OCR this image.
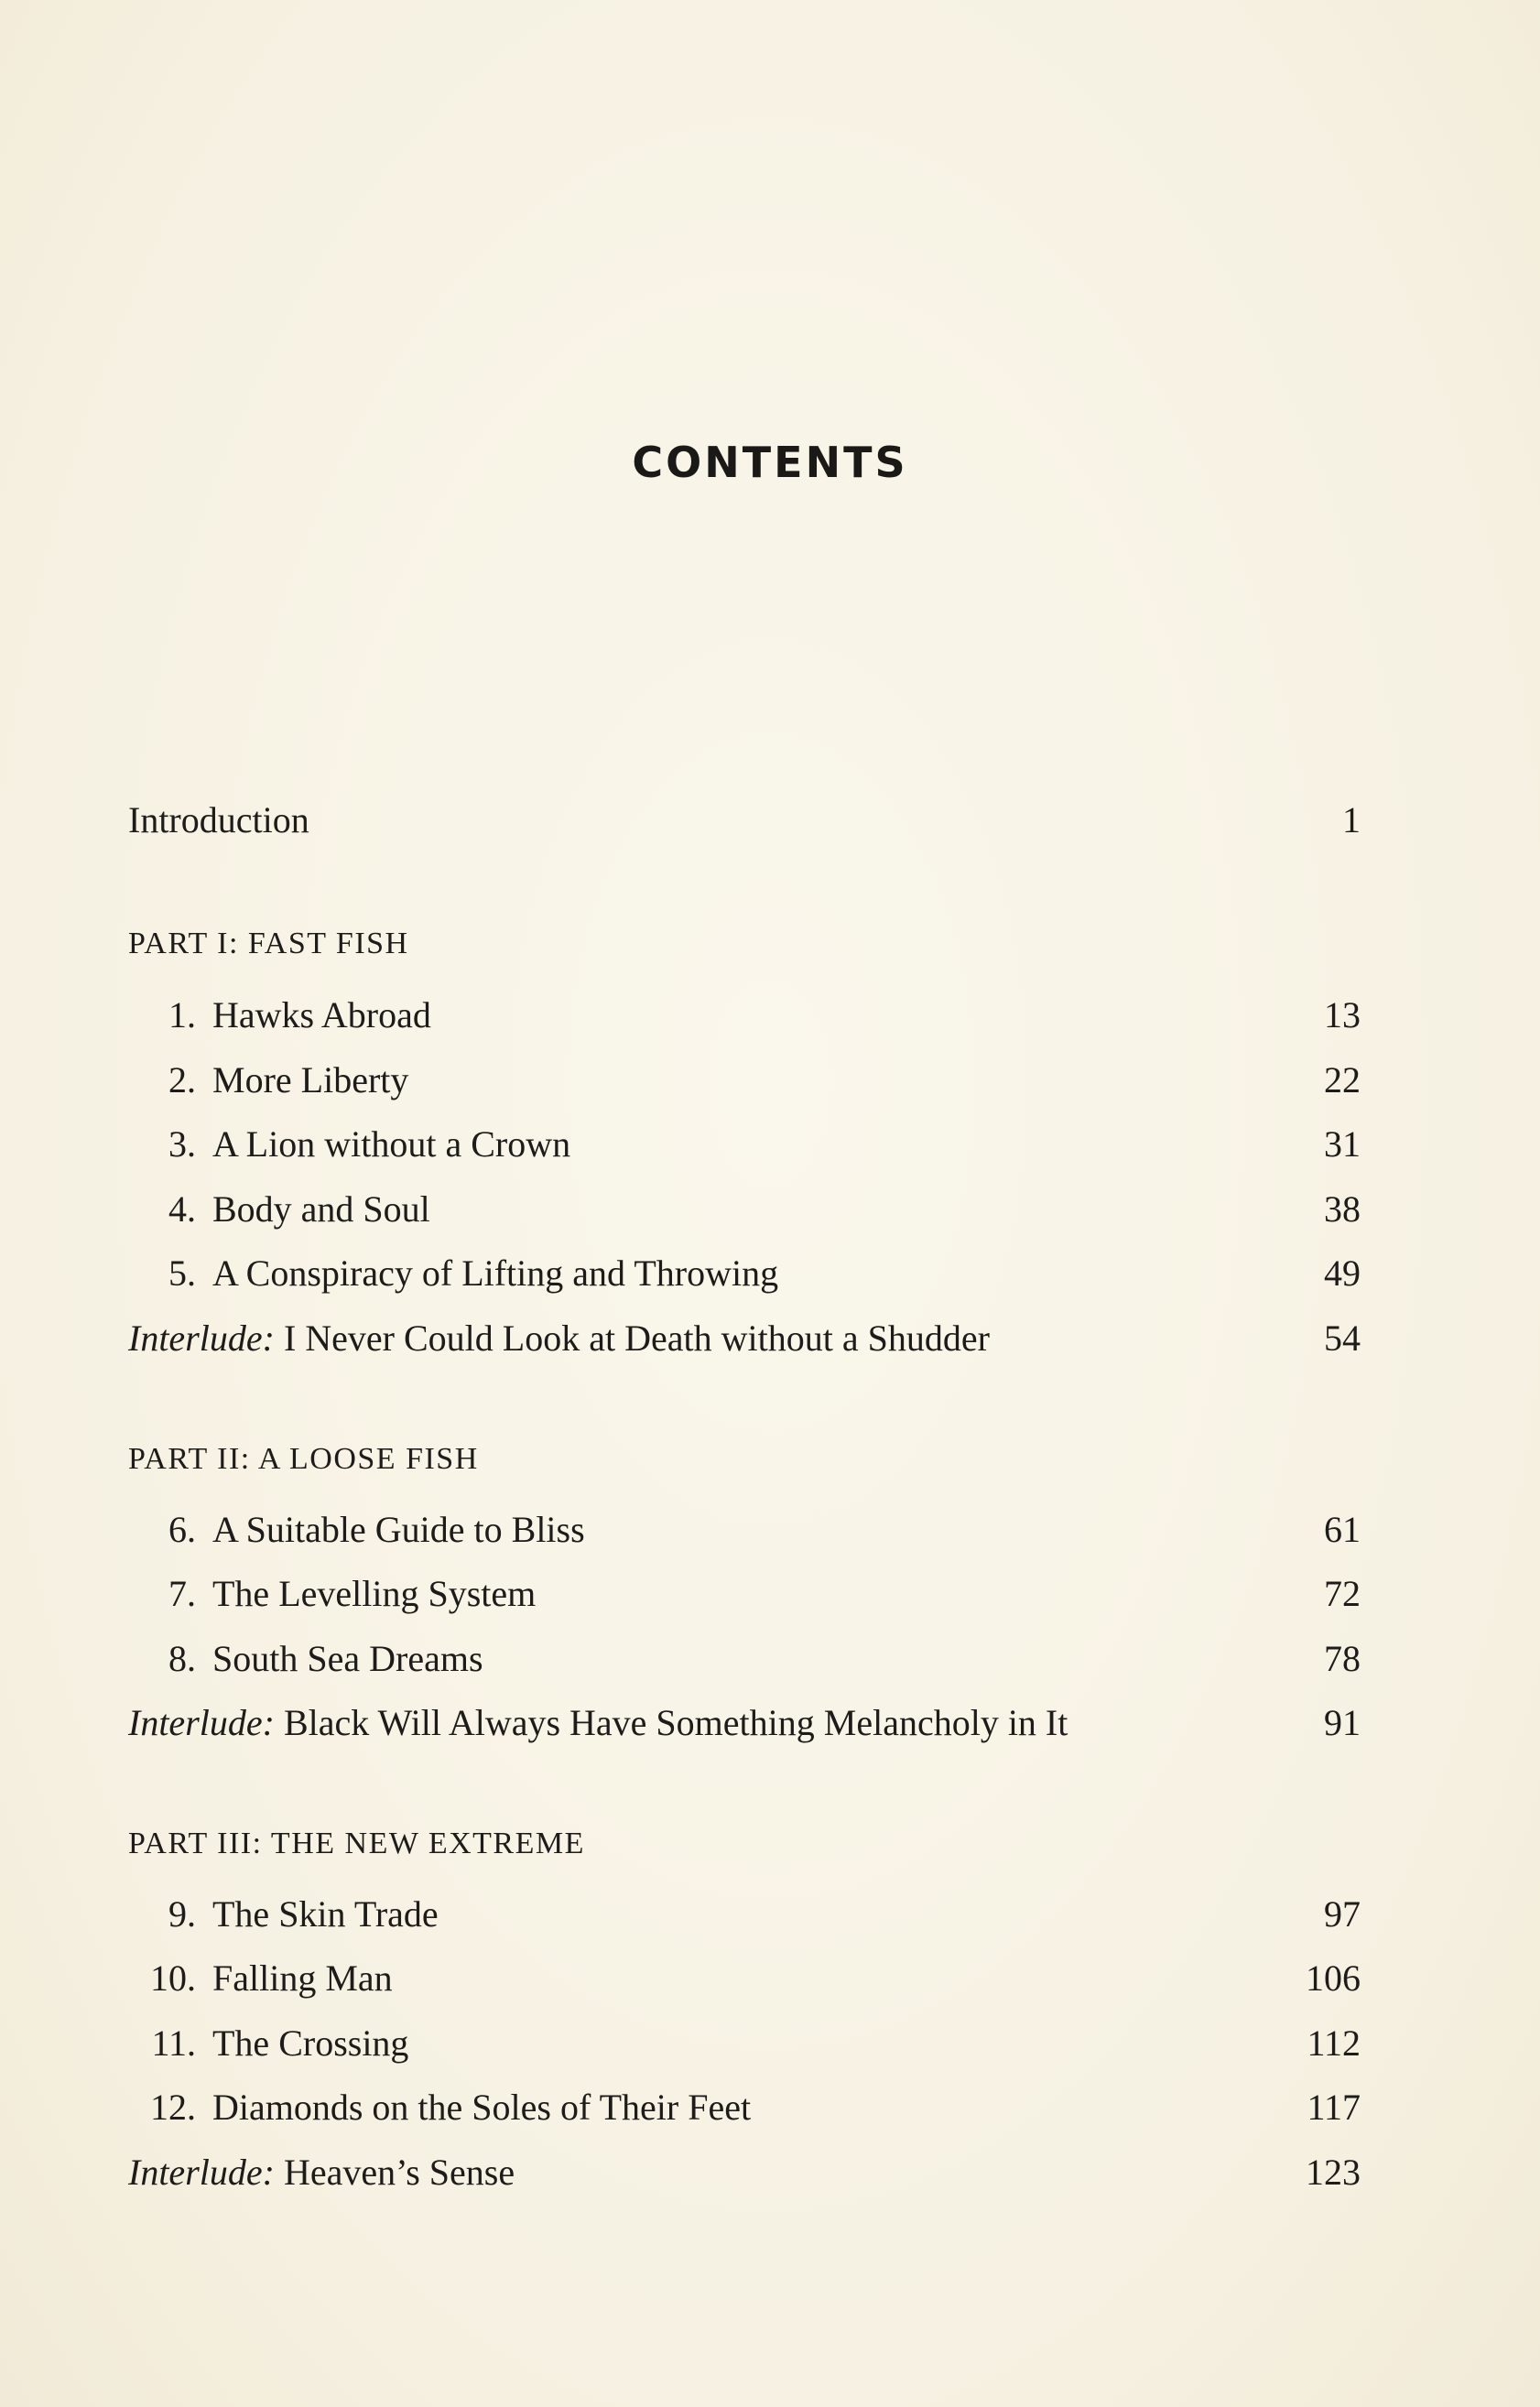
CONTENTS
Introduction	1
PART I: FAST FISH
1. Hawks Abroad	13
2. More Liberty	22
3. A Lion without a Crown	31
4. Body and Soul	38
5. A Conspiracy of Lifting and Throwing	49
Interlude: I Never Could Look at Death without a Shudder	54
PART II: A LOOSE FISH
6. A Suitable Guide to Bliss	61
7. The Levelling System	72
8. South Sea Dreams	78
Interlude: Black Will Always Have Something Melancholy in It	91
PART III: THE NEW EXTREME
9. The Skin Trade	97
10. Falling Man	106
11. The Crossing	112
12. Diamonds on the Soles of Their Feet	117
Interlude: Heaven’s Sense	123
